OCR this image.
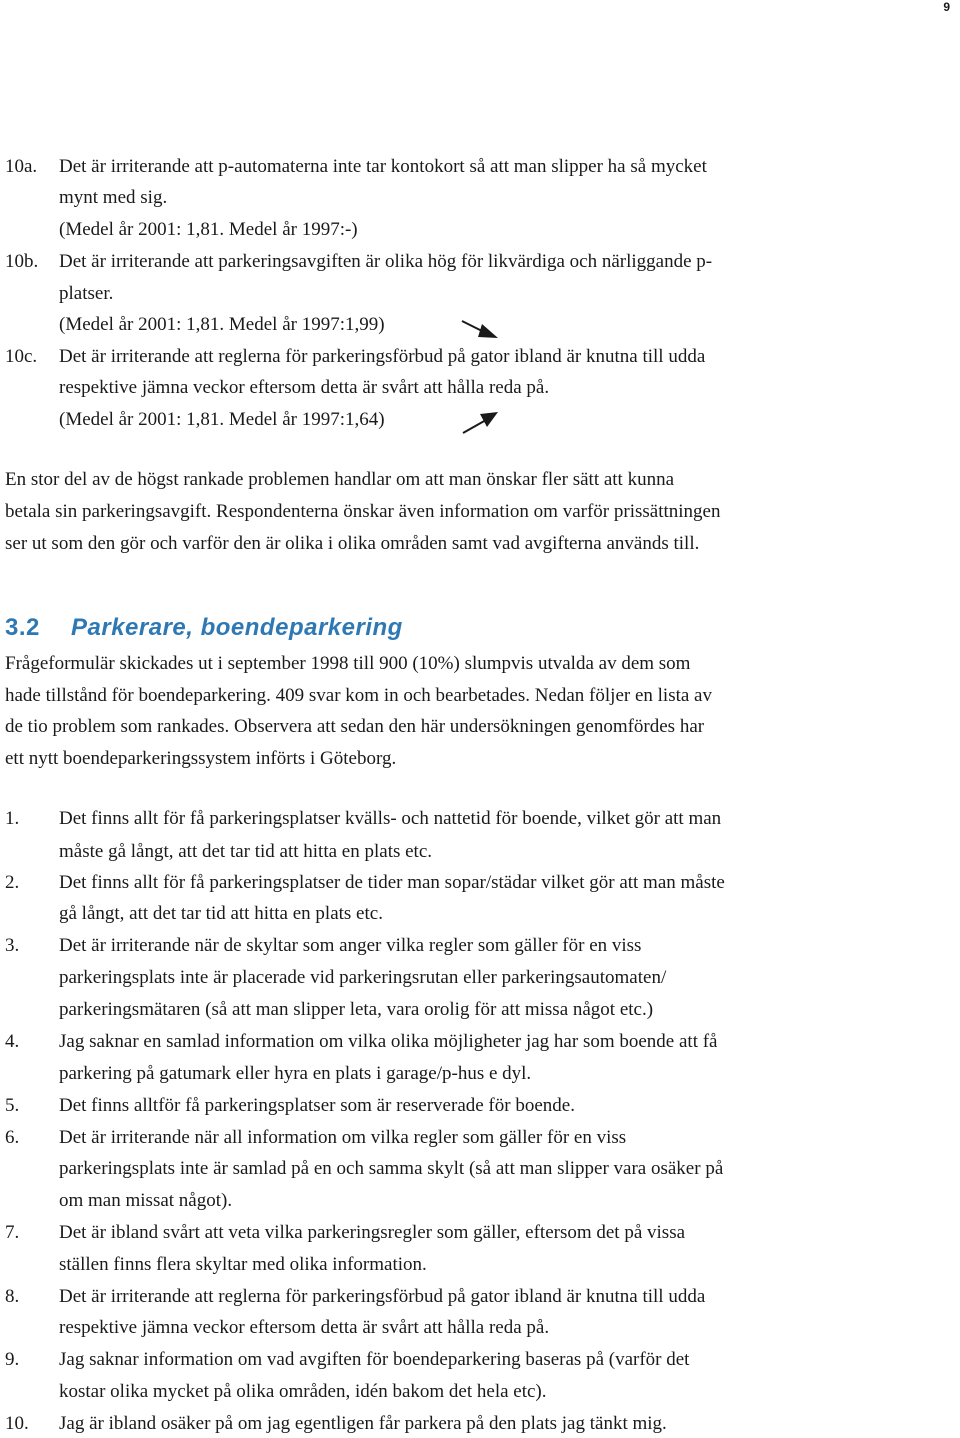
9
10a. Det är irriterande att p-automaterna inte tar kontokort så att man slipper ha så mycket
mynt med sig.
(Medel år 2001: 1,81. Medel år 1997:-)
10b. Det är irriterande att parkeringsavgiften är olika hög för likvärdiga och närliggande p-
platser.
(Medel år 2001: 1,81. Medel år 1997:1,99)
10c. Det är irriterande att reglerna för parkeringsförbud på gator ibland är knutna till udda
respektive jämna veckor eftersom detta är svårt att hålla reda på.
(Medel år 2001: 1,81. Medel år 1997:1,64)
En stor del av de högst rankade problemen handlar om att man önskar fler sätt att kunna
betala sin parkeringsavgift. Respondenterna önskar även information om varför prissättningen
ser ut som den gör och varför den är olika i olika områden samt vad avgifterna används till.
3.2 Parkerare, boendeparkering
Frågeformulär skickades ut i september 1998 till 900 (10%) slumpvis utvalda av dem som
hade tillstånd för boendeparkering. 409 svar kom in och bearbetades. Nedan följer en lista av
de tio problem som rankades. Observera att sedan den här undersökningen genomfördes har
ett nytt boendeparkeringssystem införts i Göteborg.
1. Det finns allt för få parkeringsplatser kvälls- och nattetid för boende, vilket gör att man
måste gå långt, att det tar tid att hitta en plats etc.
2. Det finns allt för få parkeringsplatser de tider man sopar/städar vilket gör att man måste
gå långt, att det tar tid att hitta en plats etc.
3. Det är irriterande när de skyltar som anger vilka regler som gäller för en viss
parkeringsplats inte är placerade vid parkeringsrutan eller parkeringsautomaten/
parkeringsmätaren (så att man slipper leta, vara orolig för att missa något etc.)
4. Jag saknar en samlad information om vilka olika möjligheter jag har som boende att få
parkering på gatumark eller hyra en plats i garage/p-hus e dyl.
5. Det finns alltför få parkeringsplatser som är reserverade för boende.
6. Det är irriterande när all information om vilka regler som gäller för en viss
parkeringsplats inte är samlad på en och samma skylt (så att man slipper vara osäker på
om man missat något).
7. Det är ibland svårt att veta vilka parkeringsregler som gäller, eftersom det på vissa
ställen finns flera skyltar med olika information.
8. Det är irriterande att reglerna för parkeringsförbud på gator ibland är knutna till udda
respektive jämna veckor eftersom detta är svårt att hålla reda på.
9. Jag saknar information om vad avgiften för boendeparkering baseras på (varför det
kostar olika mycket på olika områden, idén bakom det hela etc).
10. Jag är ibland osäker på om jag egentligen får parkera på den plats jag tänkt mig.
